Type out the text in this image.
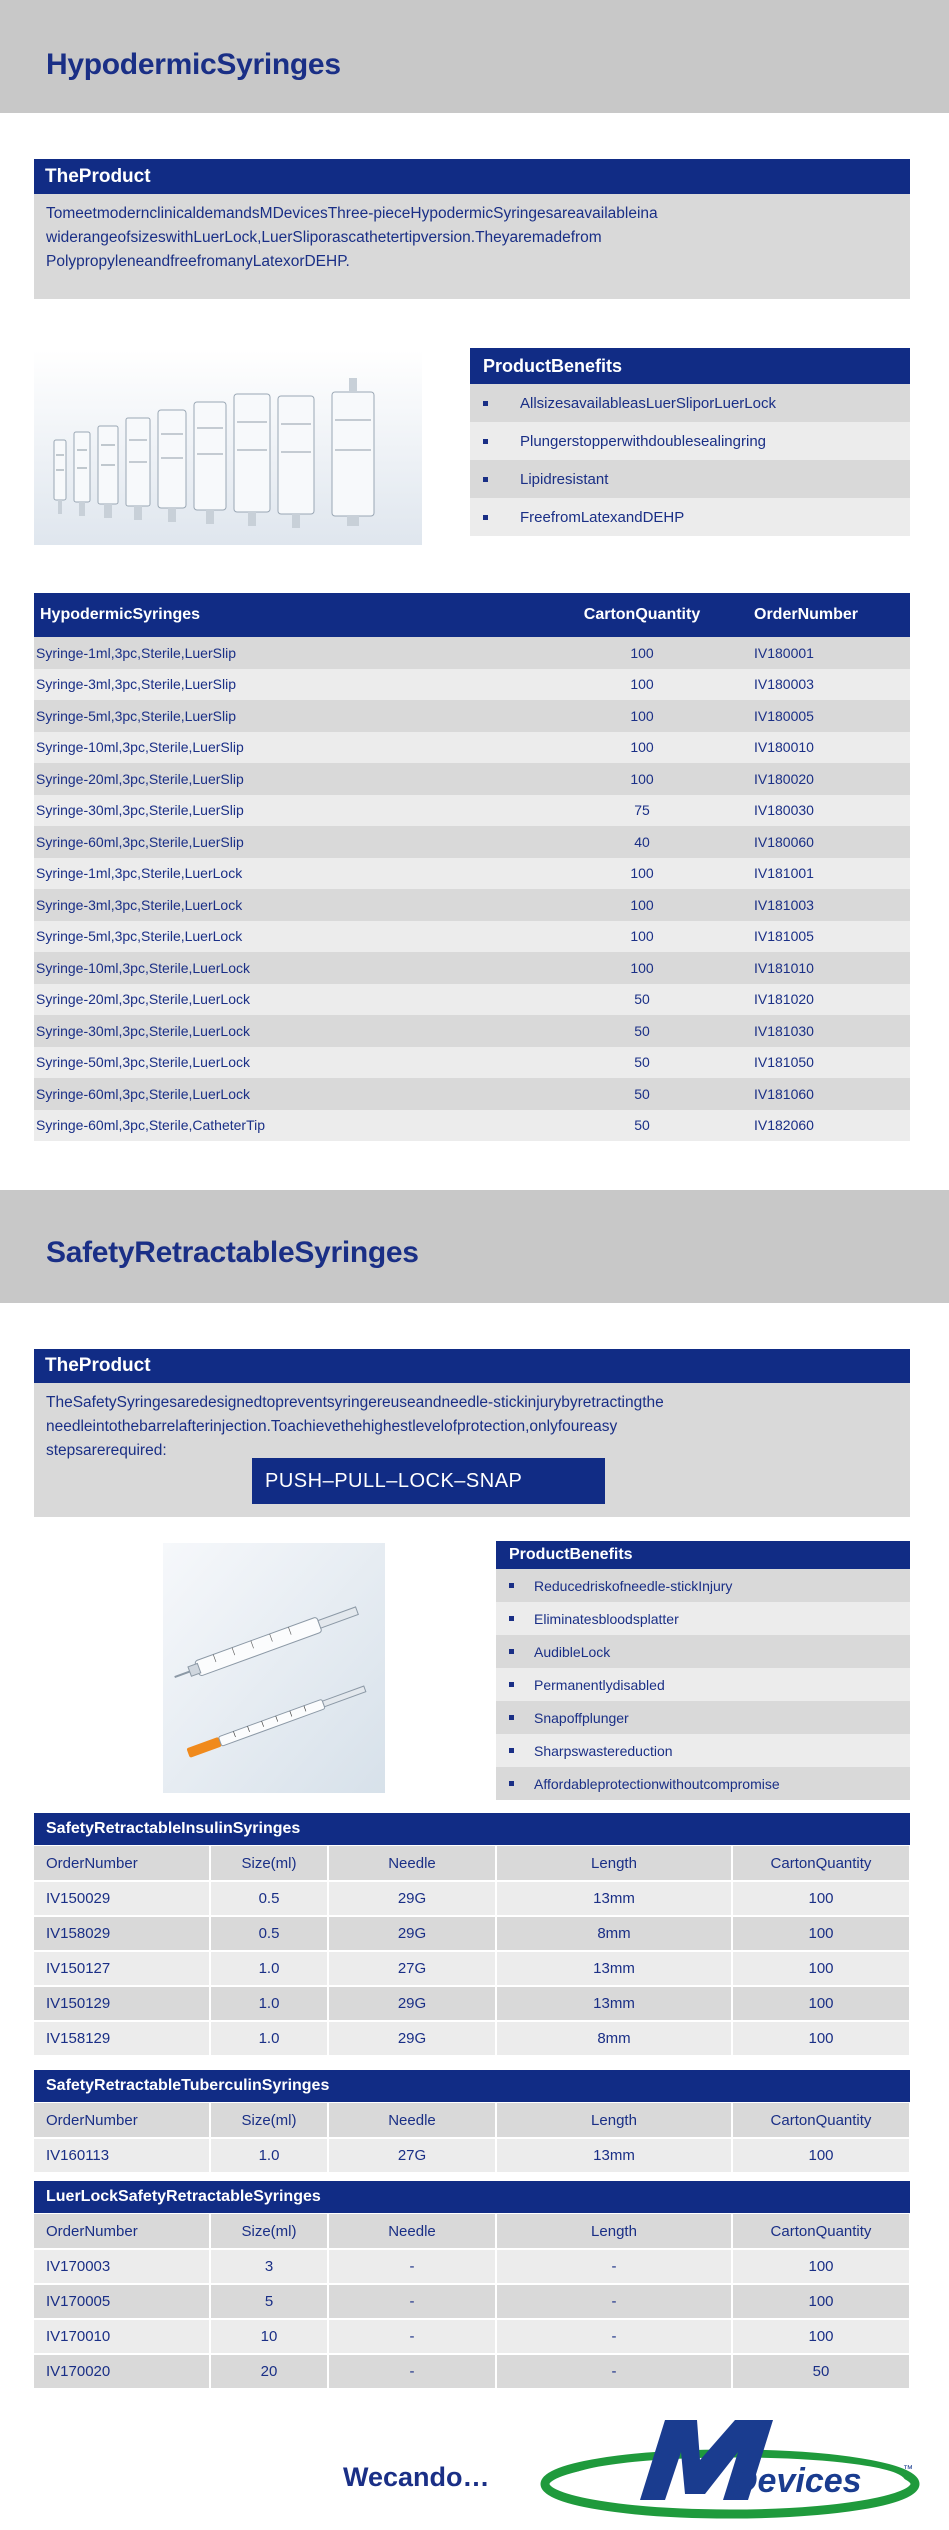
HypodermicSyringes
TheProduct
TomeetmodernclinicaldemandsMDevicesThree-pieceHypodermicSyringesareavailableina
widerangeofsizeswithLuerLock,LuerSliporascathetertipversion.Theyaremadefrom
PolypropyleneandfreefromanyLatexorDEHP.
ProductBenefits
AllsizesavailableasLuerSliporLuerLock
Plungerstopperwithdoublesealingring
Lipidresistant
FreefromLatexandDEHP
HypodermicSyringes	CartonQuantity	OrderNumber
Syringe-1ml,3pc,Sterile,LuerSlip	100	IV180001
Syringe-3ml,3pc,Sterile,LuerSlip	100	IV180003
Syringe-5ml,3pc,Sterile,LuerSlip	100	IV180005
Syringe-10ml,3pc,Sterile,LuerSlip	100	IV180010
Syringe-20ml,3pc,Sterile,LuerSlip	100	IV180020
Syringe-30ml,3pc,Sterile,LuerSlip	75	IV180030
Syringe-60ml,3pc,Sterile,LuerSlip	40	IV180060
Syringe-1ml,3pc,Sterile,LuerLock	100	IV181001
Syringe-3ml,3pc,Sterile,LuerLock	100	IV181003
Syringe-5ml,3pc,Sterile,LuerLock	100	IV181005
Syringe-10ml,3pc,Sterile,LuerLock	100	IV181010
Syringe-20ml,3pc,Sterile,LuerLock	50	IV181020
Syringe-30ml,3pc,Sterile,LuerLock	50	IV181030
Syringe-50ml,3pc,Sterile,LuerLock	50	IV181050
Syringe-60ml,3pc,Sterile,LuerLock	50	IV181060
Syringe-60ml,3pc,Sterile,CatheterTip	50	IV182060
SafetyRetractableSyringes
TheProduct
TheSafetySyringesaredesignedtopreventsyringereuseandneedle-stickinjurybyretractingthe
needleintothebarrelafterinjection.Toachievethehighestlevelofprotection,onlyfoureasy
stepsarerequired:
PUSH–PULL–LOCK–SNAP
ProductBenefits
Reducedriskofneedle-stickInjury
Eliminatesbloodsplatter
AudibleLock
Permanentlydisabled
Snapoffplunger
Sharpswastereduction
Affordableprotectionwithoutcompromise
SafetyRetractableInsulinSyringes
OrderNumber	Size(ml)	Needle	Length	CartonQuantity
IV150029	0.5	29G	13mm	100
IV158029	0.5	29G	8mm	100
IV150127	1.0	27G	13mm	100
IV150129	1.0	29G	13mm	100
IV158129	1.0	29G	8mm	100
SafetyRetractableTuberculinSyringes
OrderNumber	Size(ml)	Needle	Length	CartonQuantity
IV160113	1.0	27G	13mm	100
LuerLockSafetyRetractableSyringes
OrderNumber	Size(ml)	Needle	Length	CartonQuantity
IV170003	3	-	-	100
IV170005	5	-	-	100
IV170010	10	-	-	100
IV170020	20	-	-	50
Wecando…	Devices	™
